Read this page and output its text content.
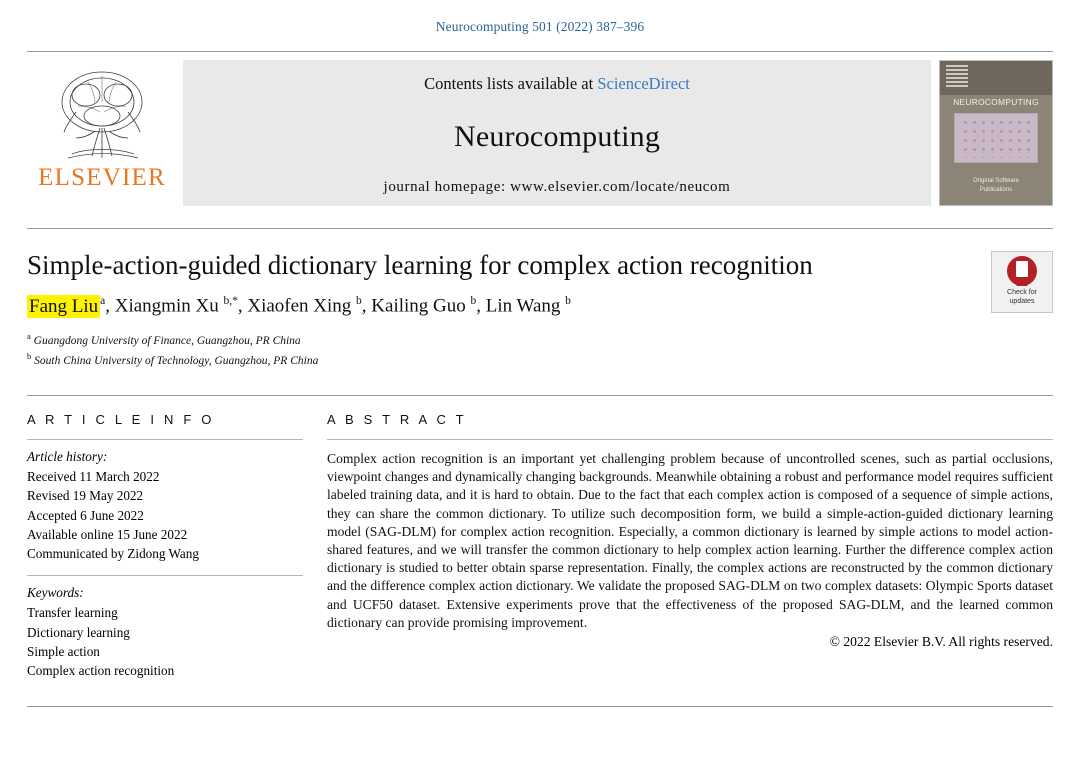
Neurocomputing 501 (2022) 387–396
ELSEVIER
Contents lists available at ScienceDirect
Neurocomputing
journal homepage: www.elsevier.com/locate/neucom
NEUROCOMPUTING
Original Software
Publications
Simple-action-guided dictionary learning for complex action recognition
Fang Liu $^a$, Xiangmin Xu $^{b,*}$, Xiaofen Xing $^b$, Kailing Guo $^b$, Lin Wang $^b$
$^a$ Guangdong University of Finance, Guangzhou, PR China
$^b$ South China University of Technology, Guangzhou, PR China
Check for
updates
A R T I C L E I N F O
Article history:
Received 11 March 2022
Revised 19 May 2022
Accepted 6 June 2022
Available online 15 June 2022
Communicated by Zidong Wang
Keywords:
Transfer learning
Dictionary learning
Simple action
Complex action recognition
A B S T R A C T
Complex action recognition is an important yet challenging problem because of uncontrolled scenes, such as partial occlusions, viewpoint changes and dynamically changing backgrounds. Meanwhile obtaining a robust and performance model requires sufficient labeled training data, and it is hard to obtain. Due to the fact that each complex action is composed of a sequence of simple actions, they can share the common dictionary. To utilize such decomposition form, we build a simple-action-guided dictionary learning model (SAG-DLM) for complex action recognition. Especially, a common dictionary is learned by simple actions to model action-shared features, and we will transfer the common dictionary to help complex action learning. Further the difference complex action dictionary is studied to better obtain sparse representation. Finally, the complex actions are reconstructed by the common dictionary and the difference complex action dictionary. We validate the proposed SAG-DLM on two complex datasets: Olympic Sports dataset and UCF50 dataset. Extensive experiments prove that the effectiveness of the proposed SAG-DLM, and the learned common dictionary can provide promising improvement.
© 2022 Elsevier B.V. All rights reserved.
